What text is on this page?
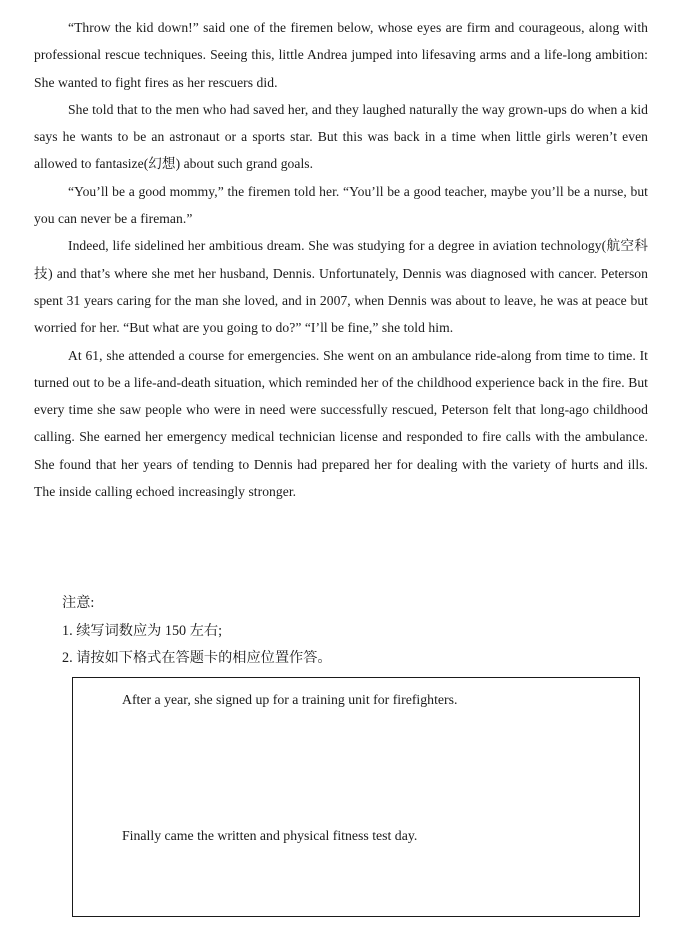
“Throw the kid down!” said one of the firemen below, whose eyes are firm and courageous, along with professional rescue techniques. Seeing this, little Andrea jumped into lifesaving arms and a life-long ambition: She wanted to fight fires as her rescuers did.

She told that to the men who had saved her, and they laughed naturally the way grown-ups do when a kid says he wants to be an astronaut or a sports star. But this was back in a time when little girls weren’t even allowed to fantasize(幻想) about such grand goals.

“You’ll be a good mommy,” the firemen told her. “You’ll be a good teacher, maybe you’ll be a nurse, but you can never be a fireman.”

Indeed, life sidelined her ambitious dream. She was studying for a degree in aviation technology(航空科技) and that’s where she met her husband, Dennis. Unfortunately, Dennis was diagnosed with cancer. Peterson spent 31 years caring for the man she loved, and in 2007, when Dennis was about to leave, he was at peace but worried for her. “But what are you going to do?” “I’ll be fine,” she told him.

At 61, she attended a course for emergencies. She went on an ambulance ride-along from time to time. It turned out to be a life-and-death situation, which reminded her of the childhood experience back in the fire. But every time she saw people who were in need were successfully rescued, Peterson felt that long-ago childhood calling. She earned her emergency medical technician license and responded to fire calls with the ambulance. She found that her years of tending to Dennis had prepared her for dealing with the variety of hurts and ills. The inside calling echoed increasingly stronger.

注意:

1. 续写词数应为 150 左右;

2. 请按如下格式在答题卡的相应位置作答。

After a year, she signed up for a training unit for firefighters.

Finally came the written and physical fitness test day.
